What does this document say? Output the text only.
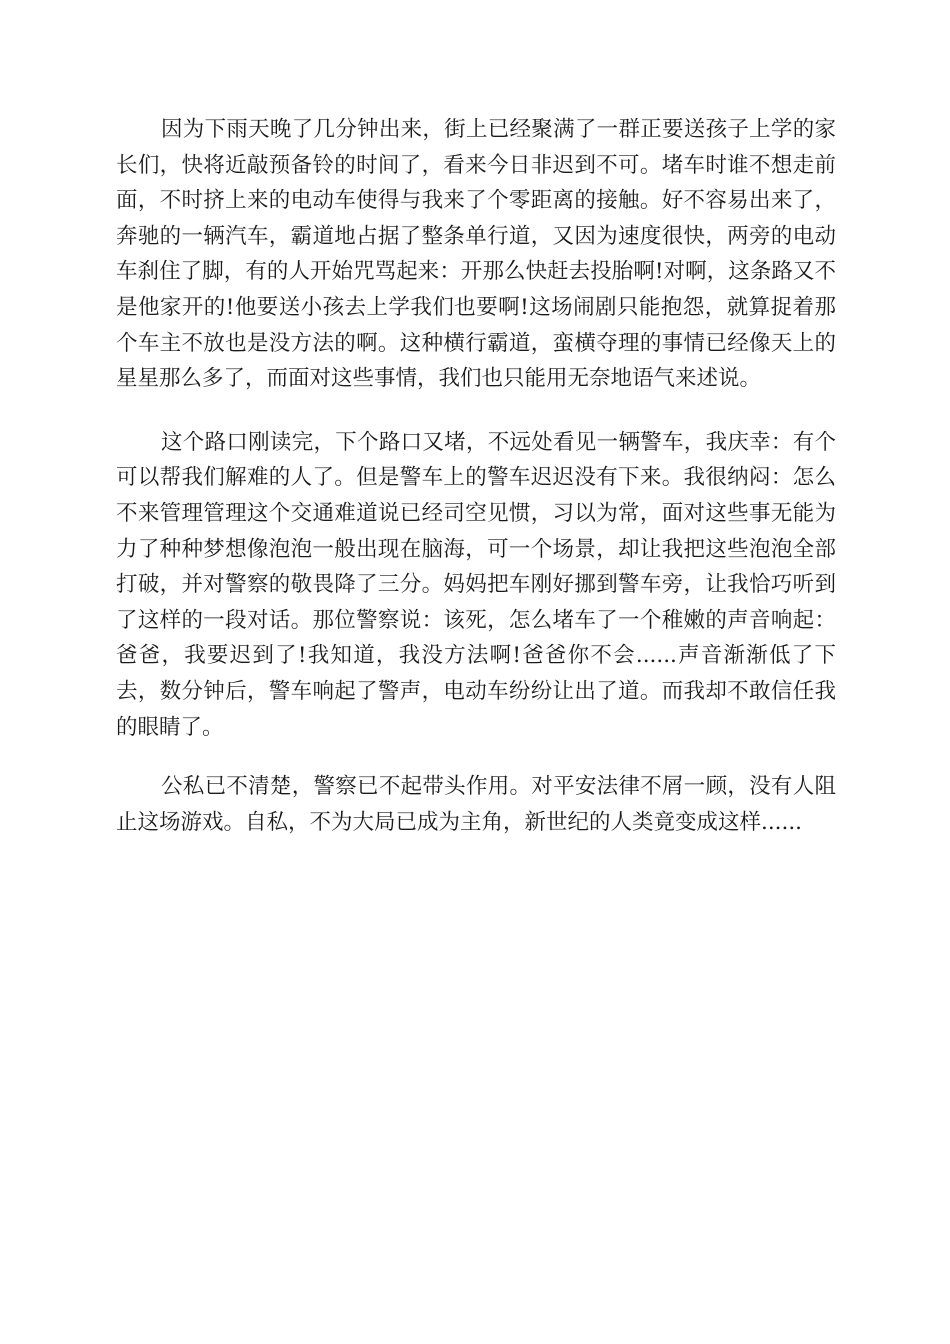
因为下雨天晚了几分钟出来，街上已经聚满了一群正要送孩子上学的家长们，快将近敲预备铃的时间了，看来今日非迟到不可。堵车时谁不想走前面，不时挤上来的电动车使得与我来了个零距离的接触。好不容易出来了，奔驰的一辆汽车，霸道地占据了整条单行道，又因为速度很快，两旁的电动车刹住了脚，有的人开始咒骂起来：开那么快赶去投胎啊!对啊，这条路又不是他家开的!他要送小孩去上学我们也要啊!这场闹剧只能抱怨，就算捉着那个车主不放也是没方法的啊。这种横行霸道，蛮横夺理的事情已经像天上的星星那么多了，而面对这些事情，我们也只能用无奈地语气来述说。

这个路口刚读完，下个路口又堵，不远处看见一辆警车，我庆幸：有个可以帮我们解难的人了。但是警车上的警车迟迟没有下来。我很纳闷：怎么不来管理管理这个交通难道说已经司空见惯，习以为常，面对这些事无能为力了种种梦想像泡泡一般出现在脑海，可一个场景，却让我把这些泡泡全部打破，并对警察的敬畏降了三分。妈妈把车刚好挪到警车旁，让我恰巧听到了这样的一段对话。那位警察说：该死，怎么堵车了一个稚嫩的声音响起：爸爸，我要迟到了!我知道，我没方法啊!爸爸你不会......声音渐渐低了下去，数分钟后，警车响起了警声，电动车纷纷让出了道。而我却不敢信任我的眼睛了。

公私已不清楚，警察已不起带头作用。对平安法律不屑一顾，没有人阻止这场游戏。自私，不为大局已成为主角，新世纪的人类竟变成这样......
